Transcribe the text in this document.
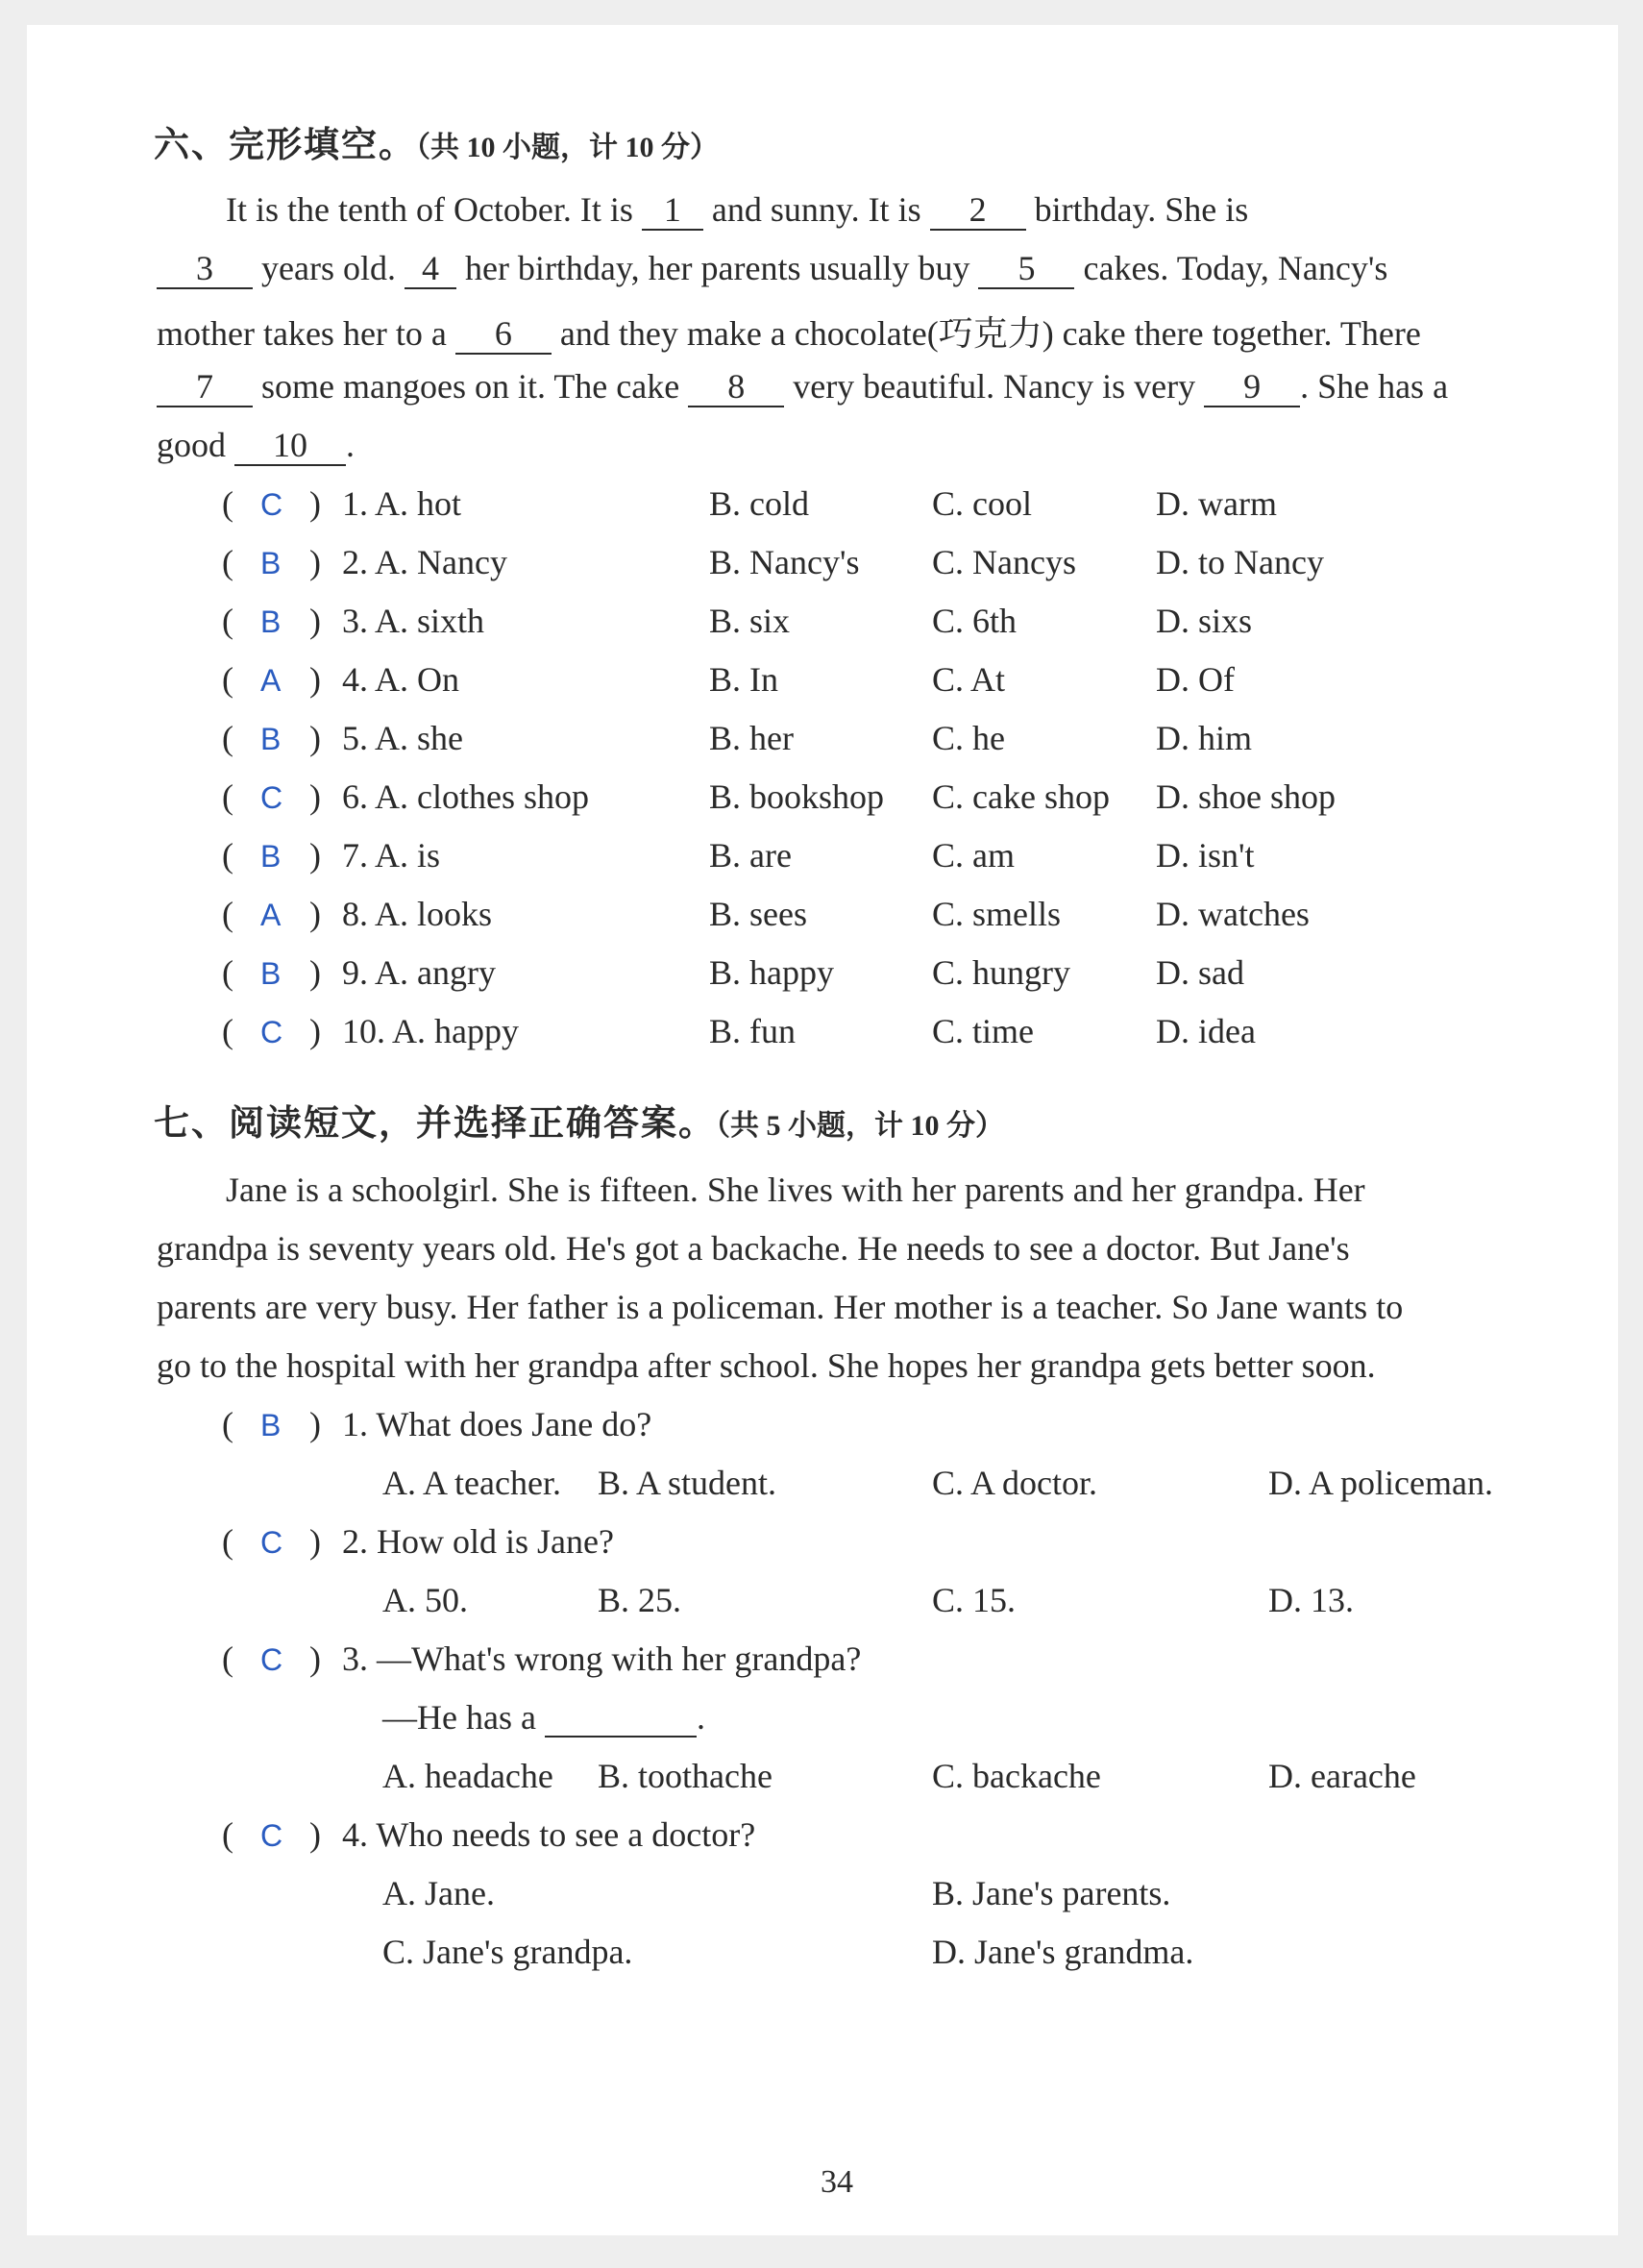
六、完形填空。（共 10 小题，计 10 分）
It is the tenth of October. It is 1 and sunny. It is 2 birthday. She is
3 years old. 4 her birthday, her parents usually buy 5 cakes. Today, Nancy's
mother takes her to a 6 and they make a chocolate(巧克力) cake there together. There
7 some mangoes on it. The cake 8 very beautiful. Nancy is very 9 . She has a
good 10 .
( C ) 1. A. hot	B. cold	C. cool	D. warm
( B ) 2. A. Nancy	B. Nancy's C. Nancys D. to Nancy
( B ) 3. A. sixth	B. six	C. 6th	D. sixs
( A ) 4. A. On	B. In	C. At	D. Of
( B ) 5. A. she	B. her	C. he	D. him
( C ) 6. A. clothes shop	B. bookshop C. cake shop D. shoe shop
( B ) 7. A. is	B. are	C. am	D. isn't
( A ) 8. A. looks	B. sees	C. smells	D. watches
( B ) 9. A. angry	B. happy	C. hungry D. sad
( C ) 10. A. happy	B. fun	C. time	D. idea
七、阅读短文，并选择正确答案。（共 5 小题，计 10 分）
Jane is a schoolgirl. She is fifteen. She lives with her parents and her grandpa. Her
grandpa is seventy years old. He's got a backache. He needs to see a doctor. But Jane's
parents are very busy. Her father is a policeman. Her mother is a teacher. So Jane wants to
go to the hospital with her grandpa after school. She hopes her grandpa gets better soon.
( B ) 1. What does Jane do?
A. A teacher. B. A student.	C. A doctor.	D. A policeman.
( C ) 2. How old is Jane?
A. 50.	B. 25.	C. 15.	D. 13.
( C ) 3. —What's wrong with her grandpa?
—He has a	.
A. headache B. toothache	C. backache	D. earache
( C ) 4. Who needs to see a doctor?
A. Jane.	B. Jane's parents.
C. Jane's grandpa.	D. Jane's grandma.
34
